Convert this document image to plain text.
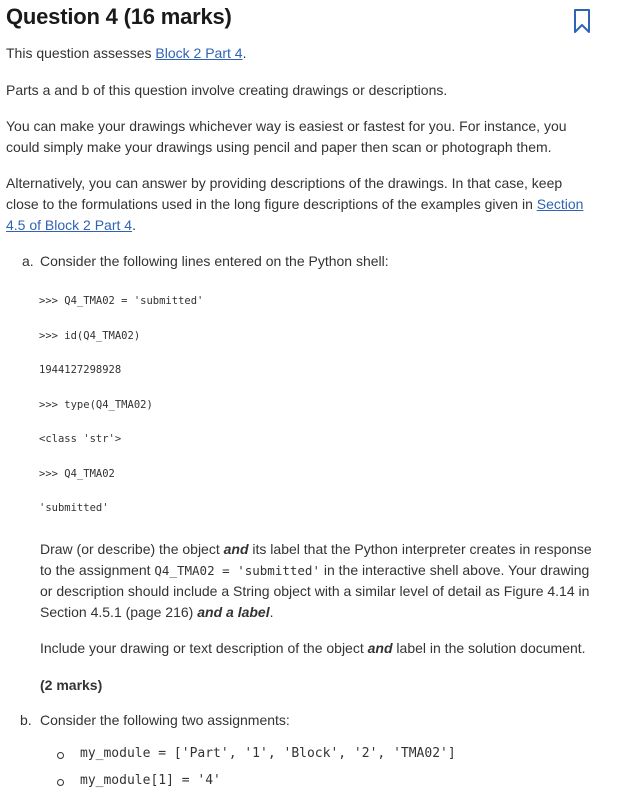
Question 4 (16 marks)

This question assesses Block 2 Part 4.

Parts a and b of this question involve creating drawings or descriptions.

You can make your drawings whichever way is easiest or fastest for you. For instance, you could simply make your drawings using pencil and paper then scan or photograph them.

Alternatively, you can answer by providing descriptions of the drawings. In that case, keep close to the formulations used in the long figure descriptions of the examples given in Section 4.5 of Block 2 Part 4.

a. Consider the following lines entered on the Python shell:

>>> Q4_TMA02 = 'submitted'
>>> id(Q4_TMA02)
1944127298928
>>> type(Q4_TMA02)
<class 'str'>
>>> Q4_TMA02
'submitted'

Draw (or describe) the object and its label that the Python interpreter creates in response to the assignment Q4_TMA02 = 'submitted' in the interactive shell above. Your drawing or description should include a String object with a similar level of detail as Figure 4.14 in Section 4.5.1 (page 216) and a label.

Include your drawing or text description of the object and label in the solution document.

(2 marks)

b. Consider the following two assignments:

my_module = ['Part', '1', 'Block', '2', 'TMA02']
my_module[1] = '4'
